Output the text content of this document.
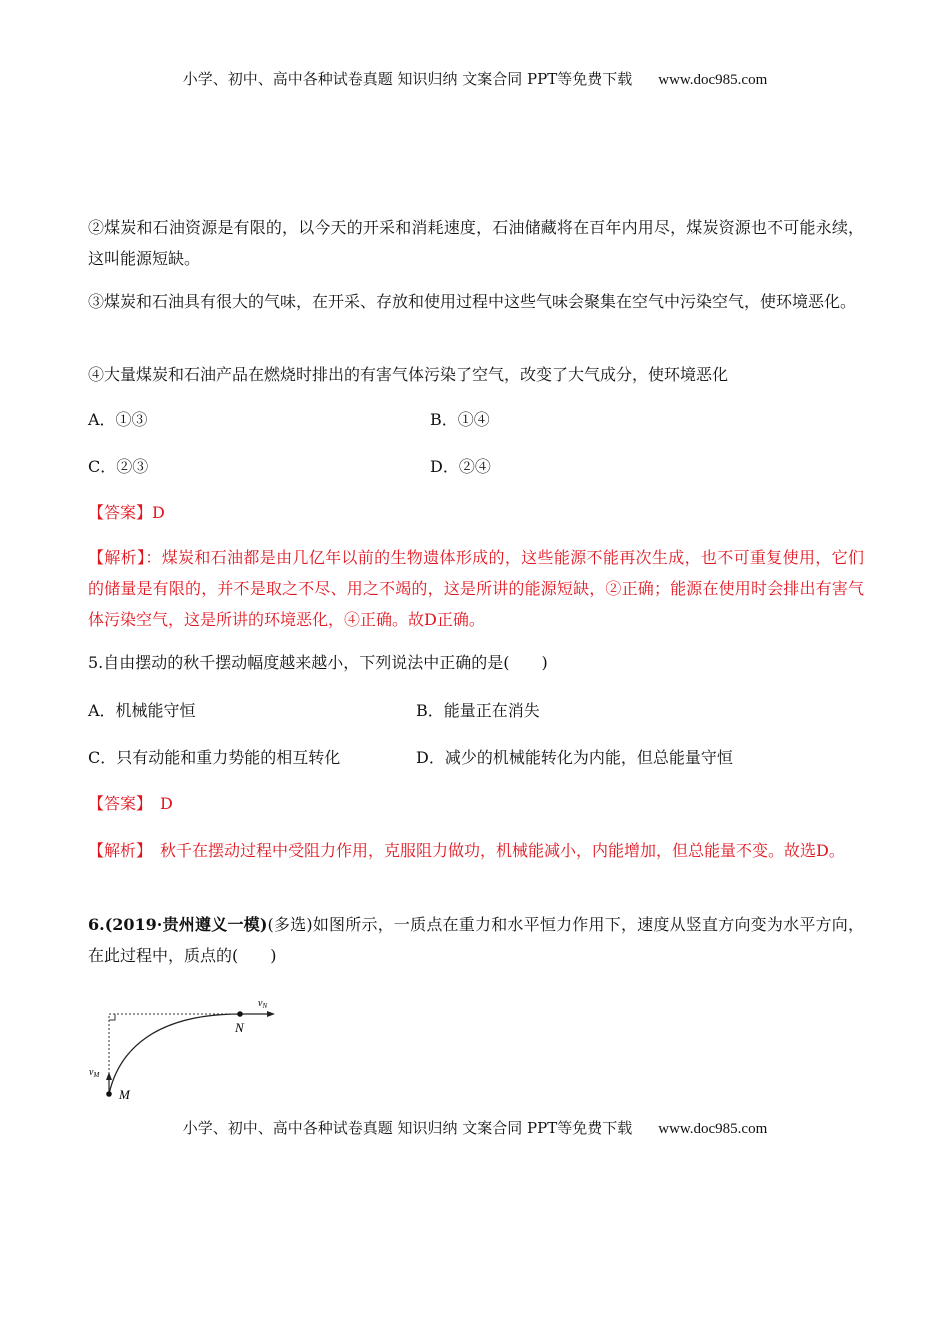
小学、初中、高中各种试卷真题 知识归纳 文案合同 PPT等免费下载 www.doc985.com
②煤炭和石油资源是有限的，以今天的开采和消耗速度，石油储藏将在百年内用尽，煤炭资源也不可能永续，这叫能源短缺。
③煤炭和石油具有很大的气味，在开采、存放和使用过程中这些气味会聚集在空气中污染空气，使环境恶化。
④大量煤炭和石油产品在燃烧时排出的有害气体污染了空气，改变了大气成分，使环境恶化
A．①③	B．①④
C．②③	D．②④
【答案】D
【解析】：煤炭和石油都是由几亿年以前的生物遗体形成的，这些能源不能再次生成，也不可重复使用，它们的储量是有限的，并不是取之不尽、用之不竭的，这是所讲的能源短缺，②正确；能源在使用时会排出有害气体污染空气，这是所讲的环境恶化，④正确。故D正确。
5.自由摆动的秋千摆动幅度越来越小，下列说法中正确的是(　　)
A．机械能守恒	B．能量正在消失
C．只有动能和重力势能的相互转化	D．减少的机械能转化为内能，但总能量守恒
【答案】　D
【解析】　秋千在摆动过程中受阻力作用，克服阻力做功，机械能减小，内能增加，但总能量不变。故选D。
6.(2019·贵州遵义一模)(多选)如图所示，一质点在重力和水平恒力作用下，速度从竖直方向变为水平方向，在此过程中，质点的(　　)
$v_N$
$v_M$
N
M
小学、初中、高中各种试卷真题 知识归纳 文案合同 PPT等免费下载 www.doc985.com
